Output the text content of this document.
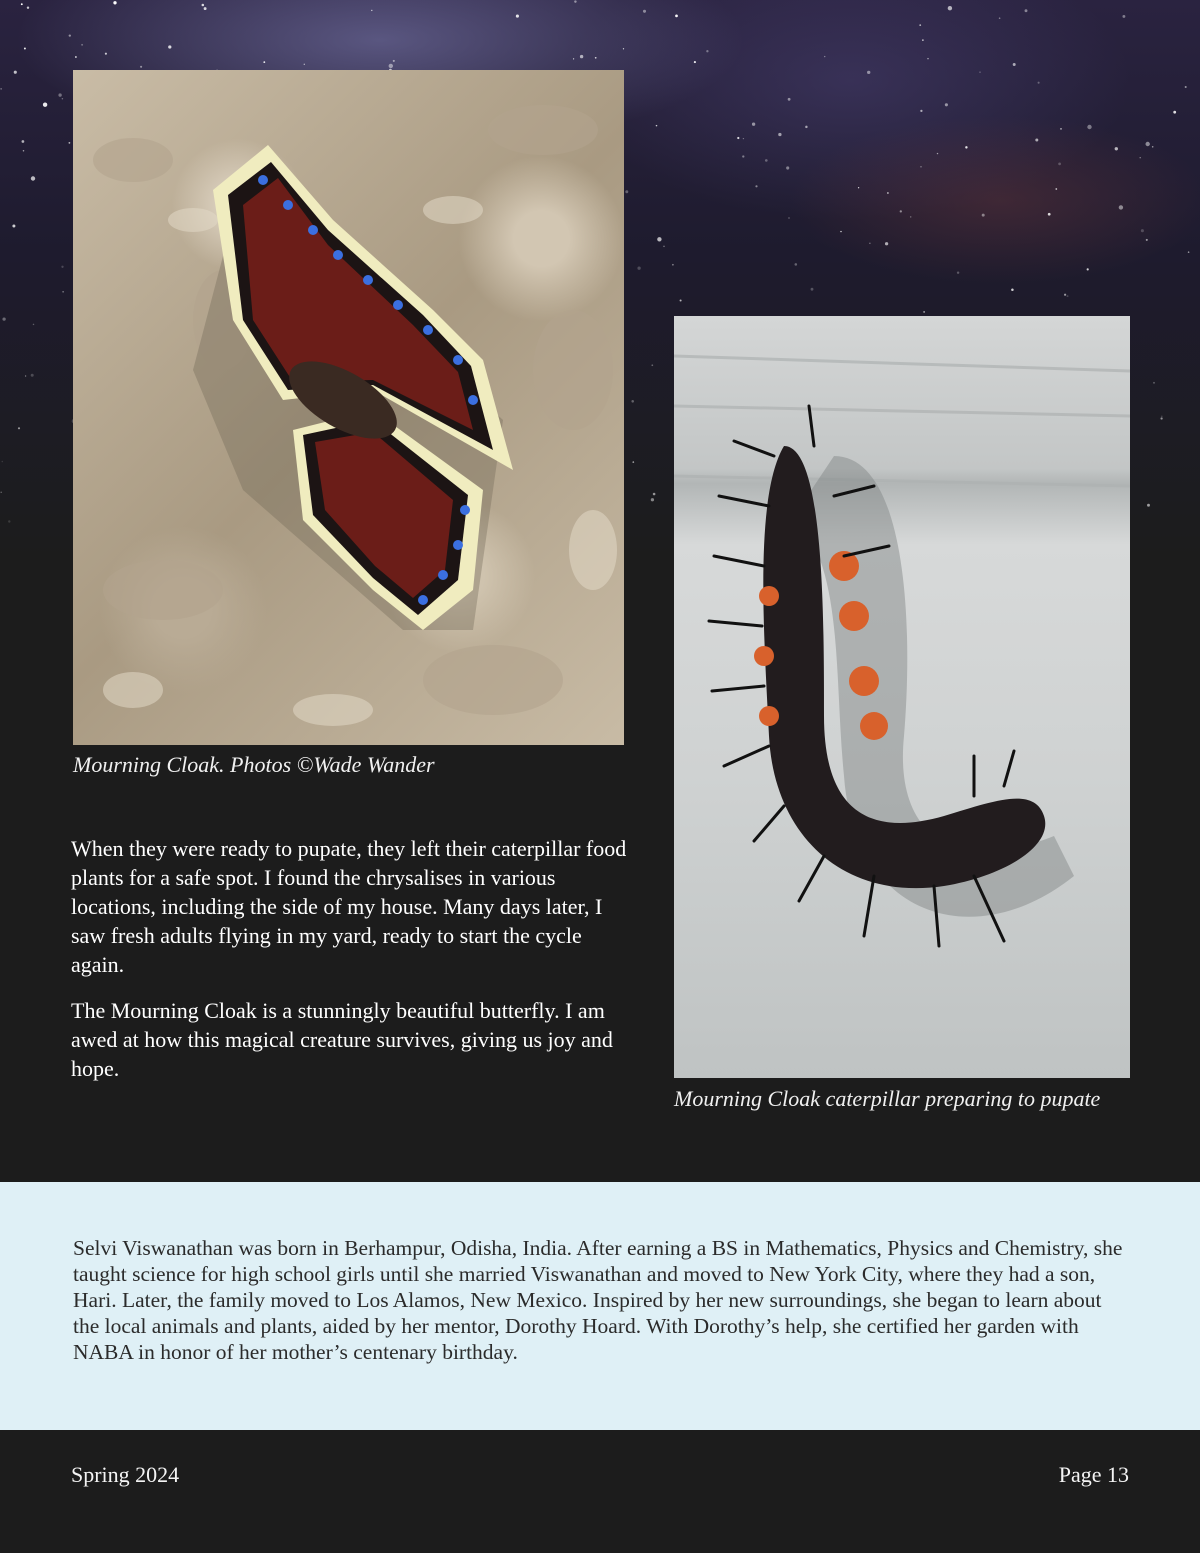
Mourning Cloak. Photos ©Wade Wander
Mourning Cloak caterpillar preparing to pupate

When they were ready to pupate, they left their caterpillar food plants for a safe spot. I found the chrysalises in various locations, including the side of my house. Many days later, I saw fresh adults flying in my yard, ready to start the cycle again.

The Mourning Cloak is a stunningly beautiful butterfly. I am awed at how this magical creature survives, giving us joy and hope.

Selvi Viswanathan was born in Berhampur, Odisha, India. After earning a BS in Mathematics, Physics and Chemistry, she taught science for high school girls until she married Viswanathan and moved to New York City, where they had a son, Hari. Later, the family moved to Los Alamos, New Mexico. Inspired by her new surroundings, she began to learn about the local animals and plants, aided by her mentor, Dorothy Hoard. With Dorothy’s help, she certified her garden with NABA in honor of her mother’s centenary birthday.

Spring 2024	Page 13
